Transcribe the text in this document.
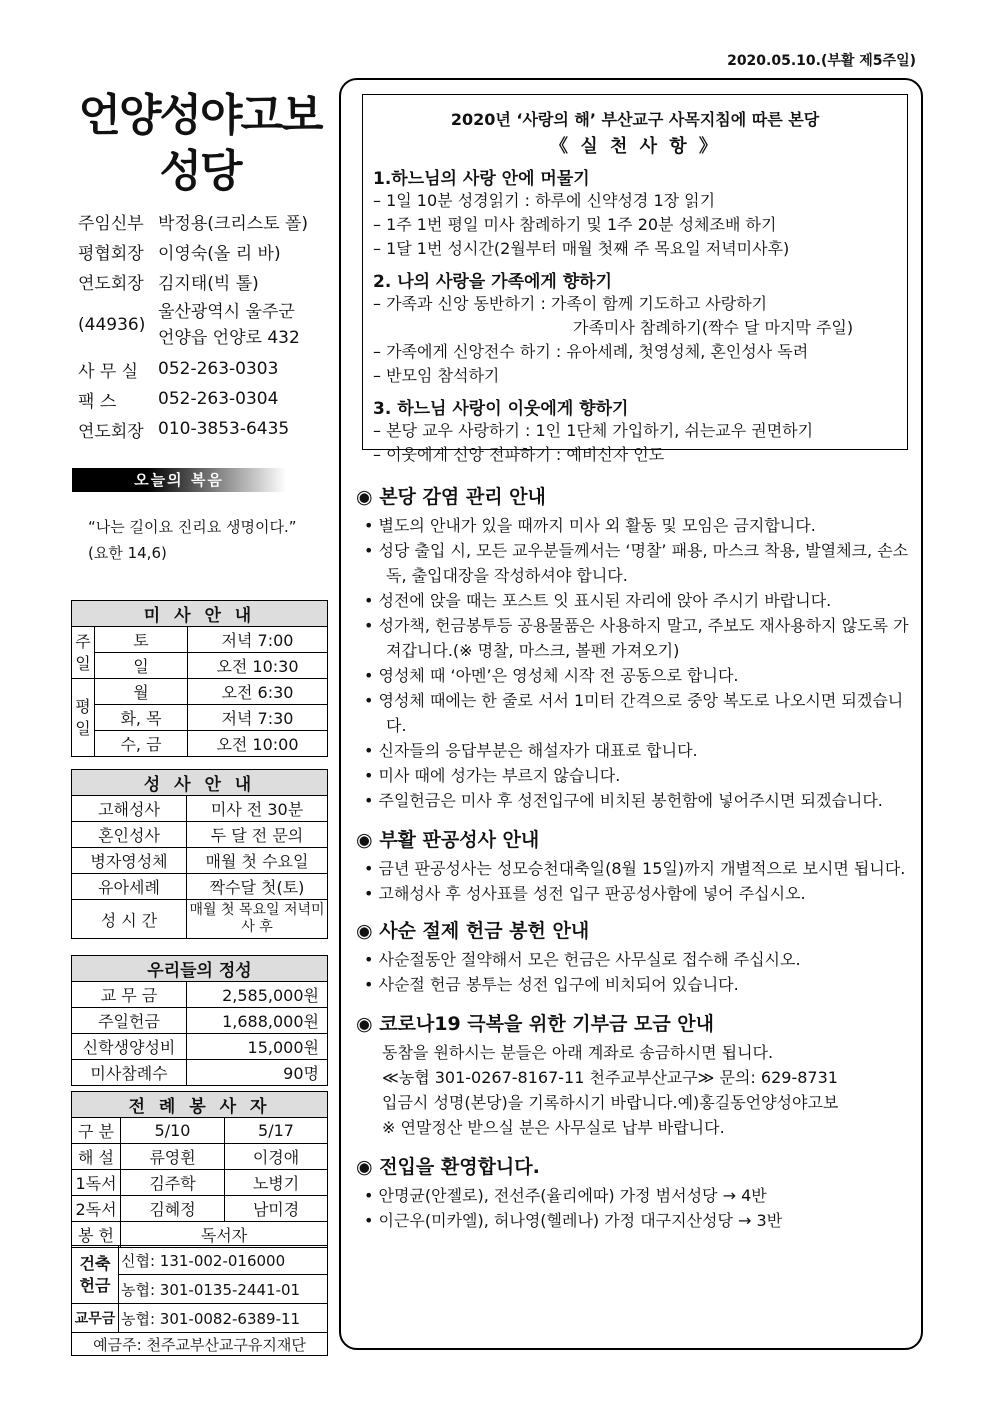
2020.05.10.(부활 제5주일)
언양성야고보
성당
주임신부 박정용(크리스토 폴)
평협회장 이영숙(올 리 바)
연도회장 김지태(빅 톨)
(44936)
울산광역시 울주군
언양읍 언양로 432
사 무 실	052-263-0303
팩 스	052-263-0304
연도회장 010-3853-6435
오늘의 복음
“나는 길이요 진리요 생명이다.”
(요한 14,6)
미 사 안 내		
주일	토	저녁 7:00
	일	오전 10:30
평일	월	오전 6:30
	화, 목	저녁 7:30
	수, 금	오전 10:00
성 사 안 내	
고해성사	미사 전 30분
혼인성사	두 달 전 문의
병자영성체	매월 첫 수요일
유아세례	짝수달 첫(토)
성 시 간	매월 첫 목요일 저녁미사 후
우리들의 정성	
교 무 금	2,585,000원
주일헌금	1,688,000원
신학생양성비	15,000원
미사참례수	90명
전 례 봉 사 자		
구 분	5/10	5/17
해 설	류영휜	이경애
1독서	김주학	노병기
2독서	김혜정	남미경
봉 헌	독서자	
건축헌금	신협: 131-002-016000
	농협: 301-0135-2441-01
교무금	농협: 301-0082-6389-11
예금주: 천주교부산교구유지재단	
2020년 ‘사랑의 해’ 부산교구 사목지침에 따른 본당
《 실 천 사 항 》
1.하느님의 사랑 안에 머물기
– 1일 10분 성경읽기 : 하루에 신약성경 1장 읽기
– 1주 1번 평일 미사 참례하기 및 1주 20분 성체조배 하기
– 1달 1번 성시간(2월부터 매월 첫째 주 목요일 저녁미사후)
2. 나의 사랑을 가족에게 향하기
– 가족과 신앙 동반하기 : 가족이 함께 기도하고 사랑하기
가족미사 참례하기(짝수 달 마지막 주일)
– 가족에게 신앙전수 하기 : 유아세례, 첫영성체, 혼인성사 독려
– 반모임 참석하기
3. 하느님 사랑이 이웃에게 향하기
– 본당 교우 사랑하기 : 1인 1단체 가입하기, 쉬는교우 권면하기
– 이웃에게 신앙 전파하기 : 예비신자 인도
◉ 본당 감염 관리 안내
• 별도의 안내가 있을 때까지 미사 외 활동 및 모임은 금지합니다.
• 성당 출입 시, 모든 교우분들께서는 ‘명찰’ 패용, 마스크 착용, 발열체크, 손소독, 출입대장을 작성하셔야 합니다.
• 성전에 앉을 때는 포스트 잇 표시된 자리에 앉아 주시기 바랍니다.
• 성가책, 헌금봉투등 공용물품은 사용하지 말고, 주보도 재사용하지 않도록 가져갑니다.(※ 명찰, 마스크, 볼펜 가져오기)
• 영성체 때 ‘아멘’은 영성체 시작 전 공동으로 합니다.
• 영성체 때에는 한 줄로 서서 1미터 간격으로 중앙 복도로 나오시면 되겠습니다.
• 신자들의 응답부분은 해설자가 대표로 합니다.
• 미사 때에 성가는 부르지 않습니다.
• 주일헌금은 미사 후 성전입구에 비치된 봉헌함에 넣어주시면 되겠습니다.
◉ 부활 판공성사 안내
• 금년 판공성사는 성모승천대축일(8월 15일)까지 개별적으로 보시면 됩니다.
• 고해성사 후 성사표를 성전 입구 판공성사함에 넣어 주십시오.
◉ 사순 절제 헌금 봉헌 안내
• 사순절동안 절약해서 모은 헌금은 사무실로 접수해 주십시오.
• 사순절 헌금 봉투는 성전 입구에 비치되어 있습니다.
◉ 코로나19 극복을 위한 기부금 모금 안내
동참을 원하시는 분들은 아래 계좌로 송금하시면 됩니다.
≪농협 301-0267-8167-11 천주교부산교구≫ 문의: 629-8731
입금시 성명(본당)을 기록하시기 바랍니다.예)홍길동언양성야고보
※ 연말정산 받으실 분은 사무실로 납부 바랍니다.
◉ 전입을 환영합니다.
• 안명균(안젤로), 전선주(율리에따) 가정 범서성당 → 4반
• 이근우(미카엘), 허나영(헬레나) 가정 대구지산성당 → 3반
